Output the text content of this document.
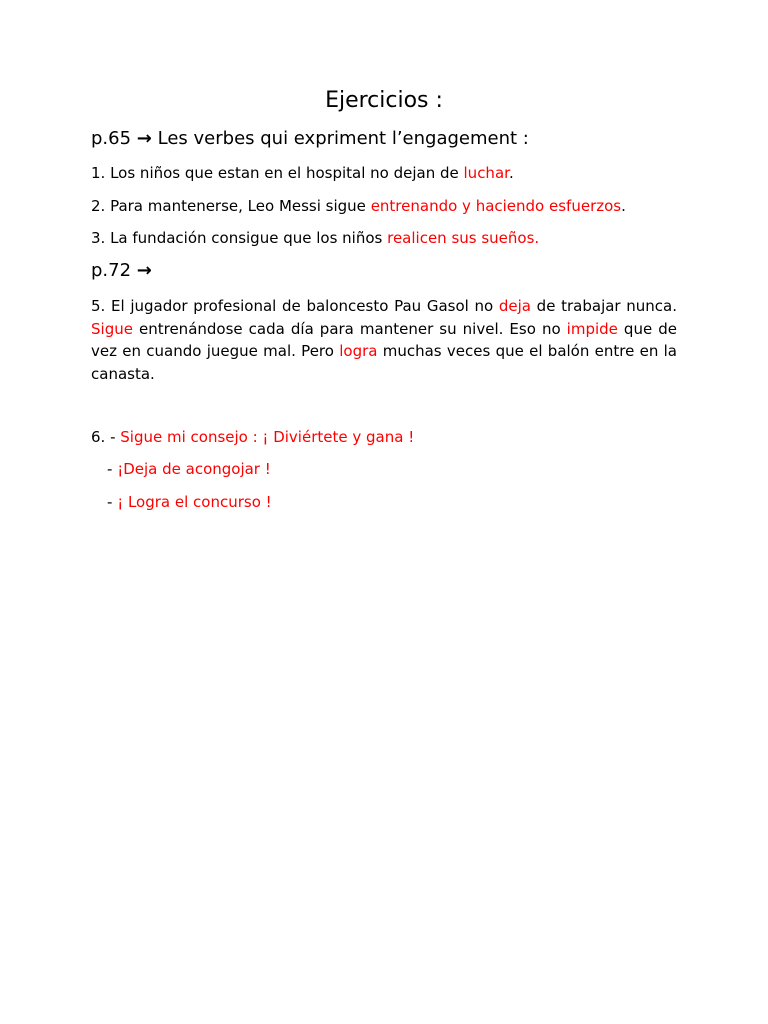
Ejercicios :
p.65 → Les verbes qui expriment l’engagement :
1. Los niños que estan en el hospital no dejan de luchar.
2. Para mantenerse, Leo Messi sigue entrenando y haciendo esfuerzos.
3. La fundación consigue que los niños realicen sus sueños.
p.72 →
5. El jugador profesional de baloncesto Pau Gasol no deja de trabajar nunca. Sigue entrenándose cada día para mantener su nivel. Eso no impide que de vez en cuando juegue mal. Pero logra muchas veces que el balón entre en la canasta.
6. - Sigue mi consejo : ¡ Diviértete y gana !
- ¡Deja de acongojar !
- ¡ Logra el concurso !
